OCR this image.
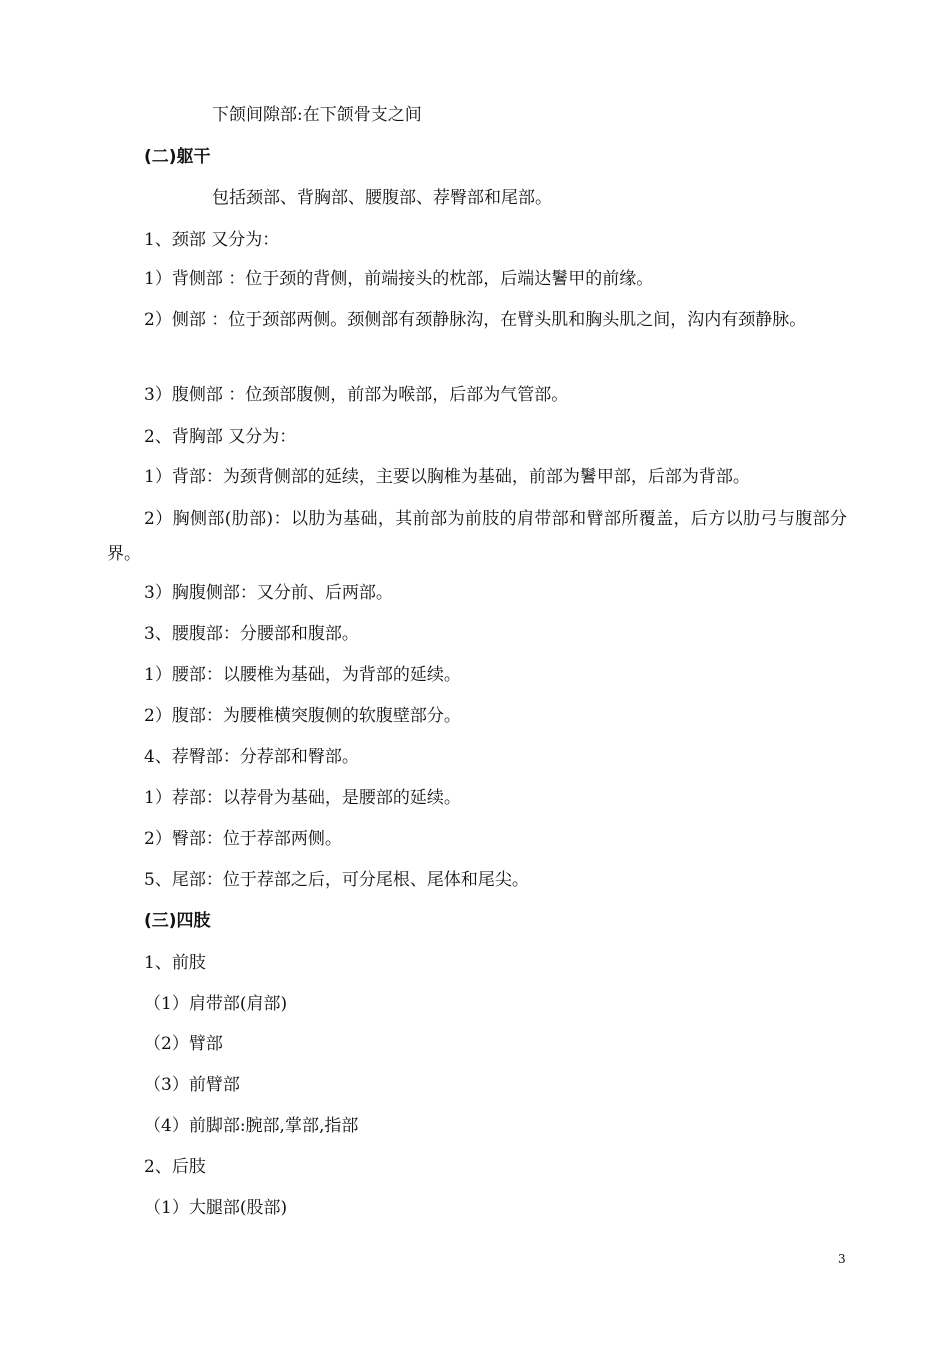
下颌间隙部:在下颌骨支之间
(二)躯干
包括颈部、背胸部、腰腹部、荐臀部和尾部。
1、颈部 又分为：
1）背侧部 ：位于颈的背侧，前端接头的枕部，后端达鬐甲的前缘。
2）侧部 ：位于颈部两侧。颈侧部有颈静脉沟，在臂头肌和胸头肌之间，沟内有颈静脉。
3）腹侧部 ：位颈部腹侧，前部为喉部，后部为气管部。
2、背胸部 又分为：
1）背部：为颈背侧部的延续，主要以胸椎为基础，前部为鬐甲部，后部为背部。
2）胸侧部(肋部)：以肋为基础，其前部为前肢的肩带部和臂部所覆盖，后方以肋弓与腹部分界。
3）胸腹侧部：又分前、后两部。
3、腰腹部：分腰部和腹部。
1）腰部：以腰椎为基础，为背部的延续。
2）腹部：为腰椎横突腹侧的软腹壁部分。
4、荐臀部：分荐部和臀部。
1）荐部：以荐骨为基础，是腰部的延续。
2）臀部：位于荐部两侧。
5、尾部：位于荐部之后，可分尾根、尾体和尾尖。
(三)四肢
1、前肢
（1）肩带部(肩部)
（2）臂部
（3）前臂部
（4）前脚部:腕部,掌部,指部
2、后肢
（1）大腿部(股部)
3
